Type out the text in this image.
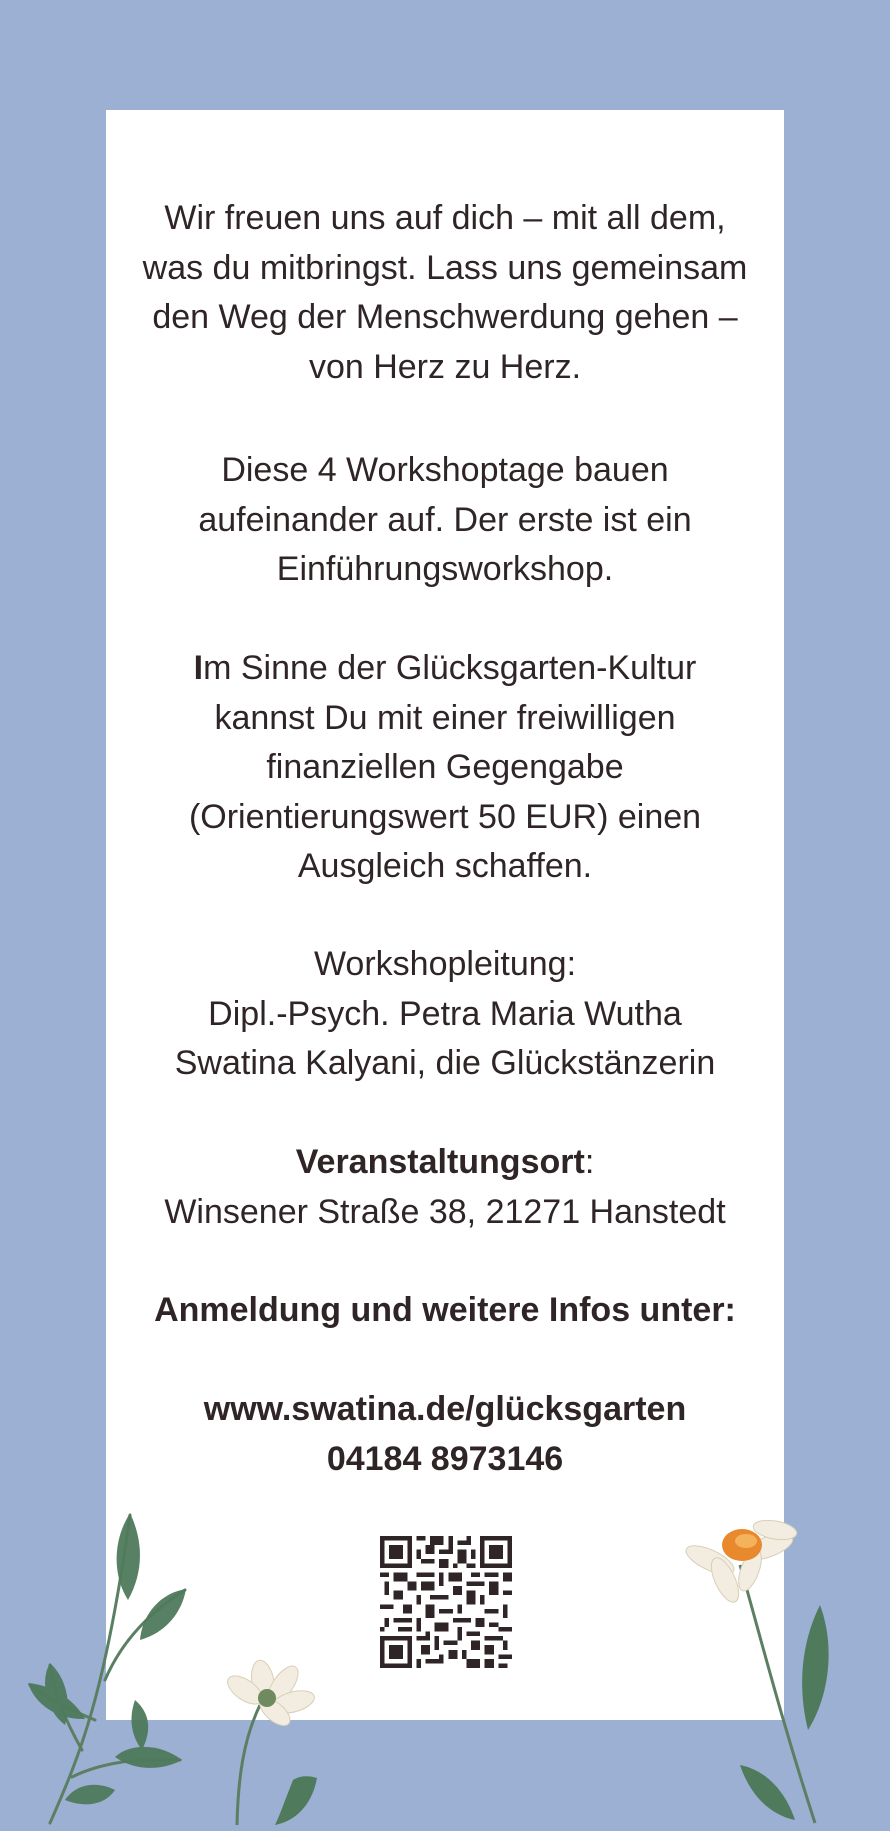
Wir freuen uns auf dich – mit all dem,
was du mitbringst. Lass uns gemeinsam
den Weg der Menschwerdung gehen –
von Herz zu Herz.

Diese 4 Workshoptage bauen
aufeinander auf. Der erste ist ein
Einführungsworkshop.

Im Sinne der Glücksgarten-Kultur
kannst Du mit einer freiwilligen
finanziellen Gegengabe
(Orientierungswert 50 EUR) einen
Ausgleich schaffen.

Workshopleitung:
Dipl.-Psych. Petra Maria Wutha
Swatina Kalyani, die Glückstänzerin

Veranstaltungsort:
Winsener Straße 38, 21271 Hanstedt

Anmeldung und weitere Infos unter:

www.swatina.de/glücksgarten
04184 8973146
